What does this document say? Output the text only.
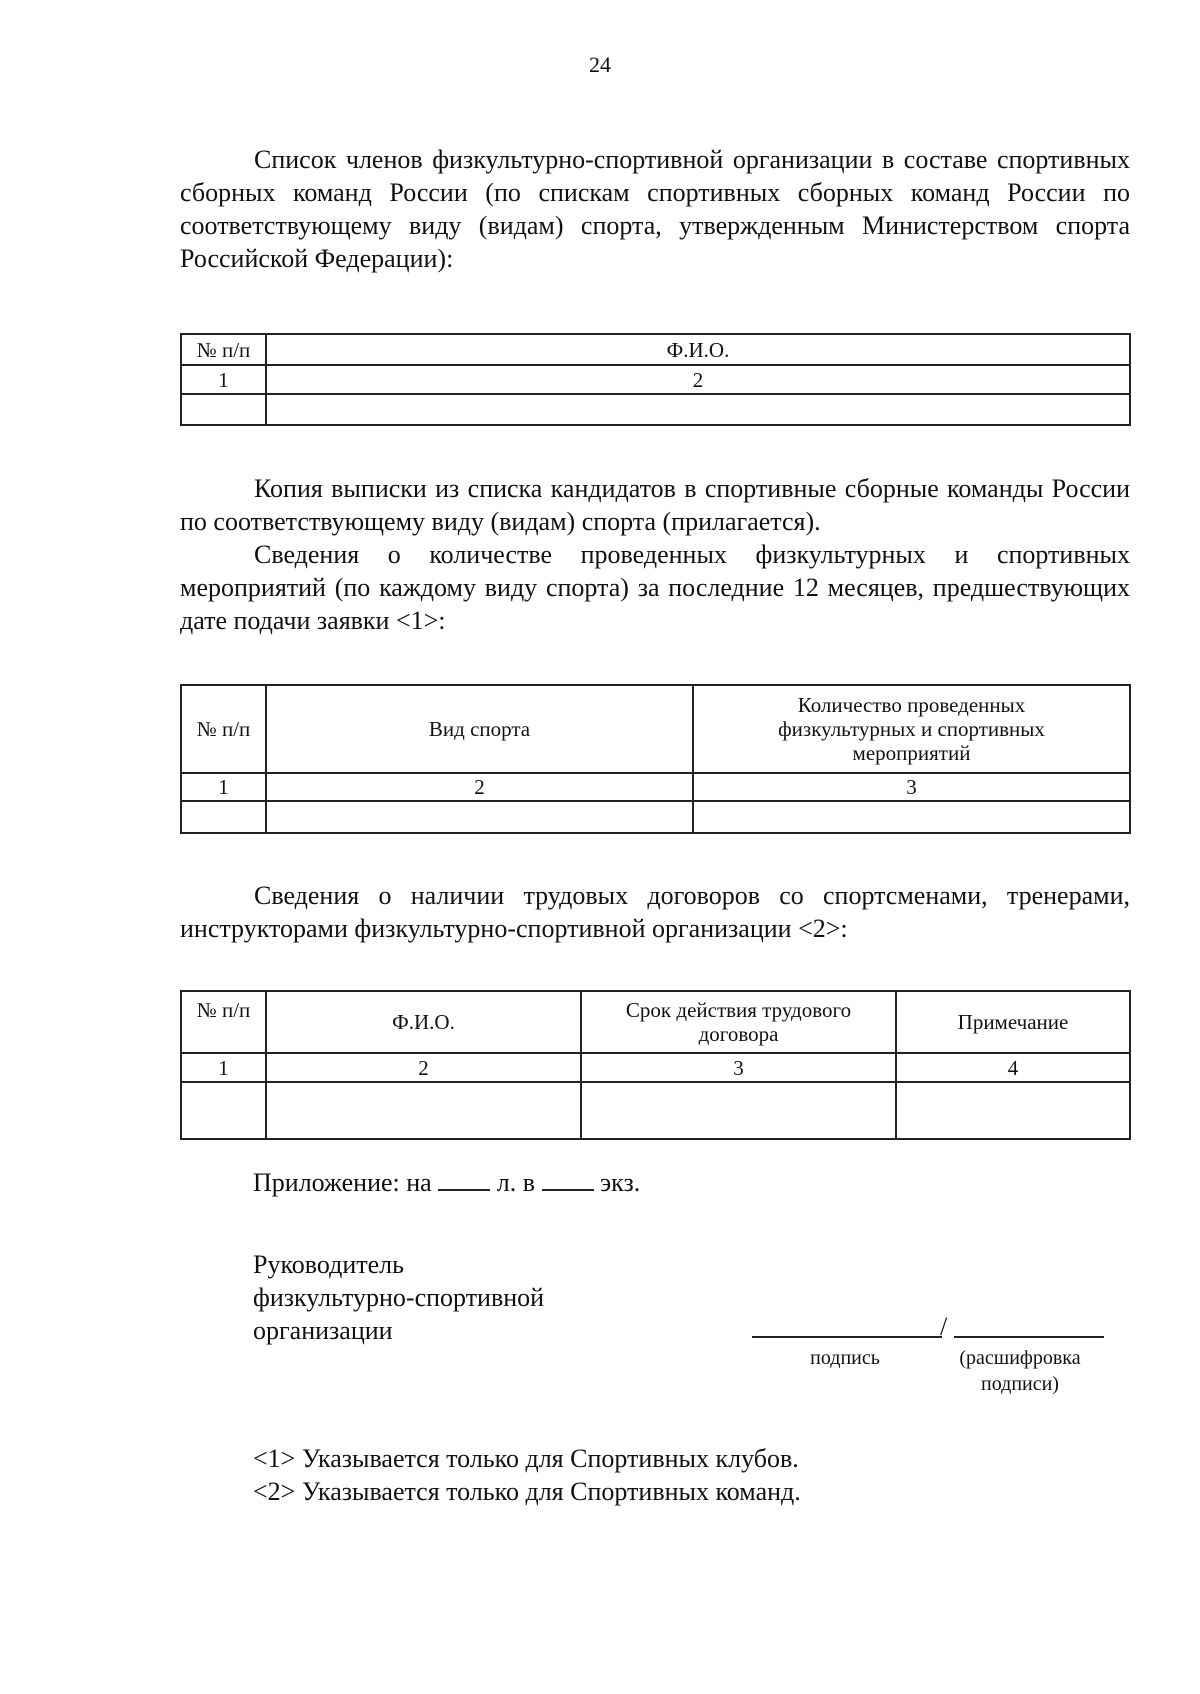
24

Список членов физкультурно-спортивной организации в составе спортивных сборных команд России (по спискам спортивных сборных команд России по соответствующему виду (видам) спорта, утвержденным Министерством спорта Российской Федерации):

№ п/п	Ф.И.О.
1	2

Копия выписки из списка кандидатов в спортивные сборные команды России по соответствующему виду (видам) спорта (прилагается).

Сведения о количестве проведенных физкультурных и спортивных мероприятий (по каждому виду спорта) за последние 12 месяцев, предшествующих дате подачи заявки <1>:

№ п/п	Вид спорта	Количество проведенных физкультурных и спортивных мероприятий
1	2	3

Сведения о наличии трудовых договоров со спортсменами, тренерами, инструкторами физкультурно-спортивной организации <2>:

№ п/п	Ф.И.О.	Срок действия трудового договора	Примечание
1	2	3	4

Приложение: на	л. в	экз.
Руководитель
физкультурно-спортивной
организации	/
подпись	(расшифровка
подписи)
<1> Указывается только для Спортивных клубов.
<2> Указывается только для Спортивных команд.
